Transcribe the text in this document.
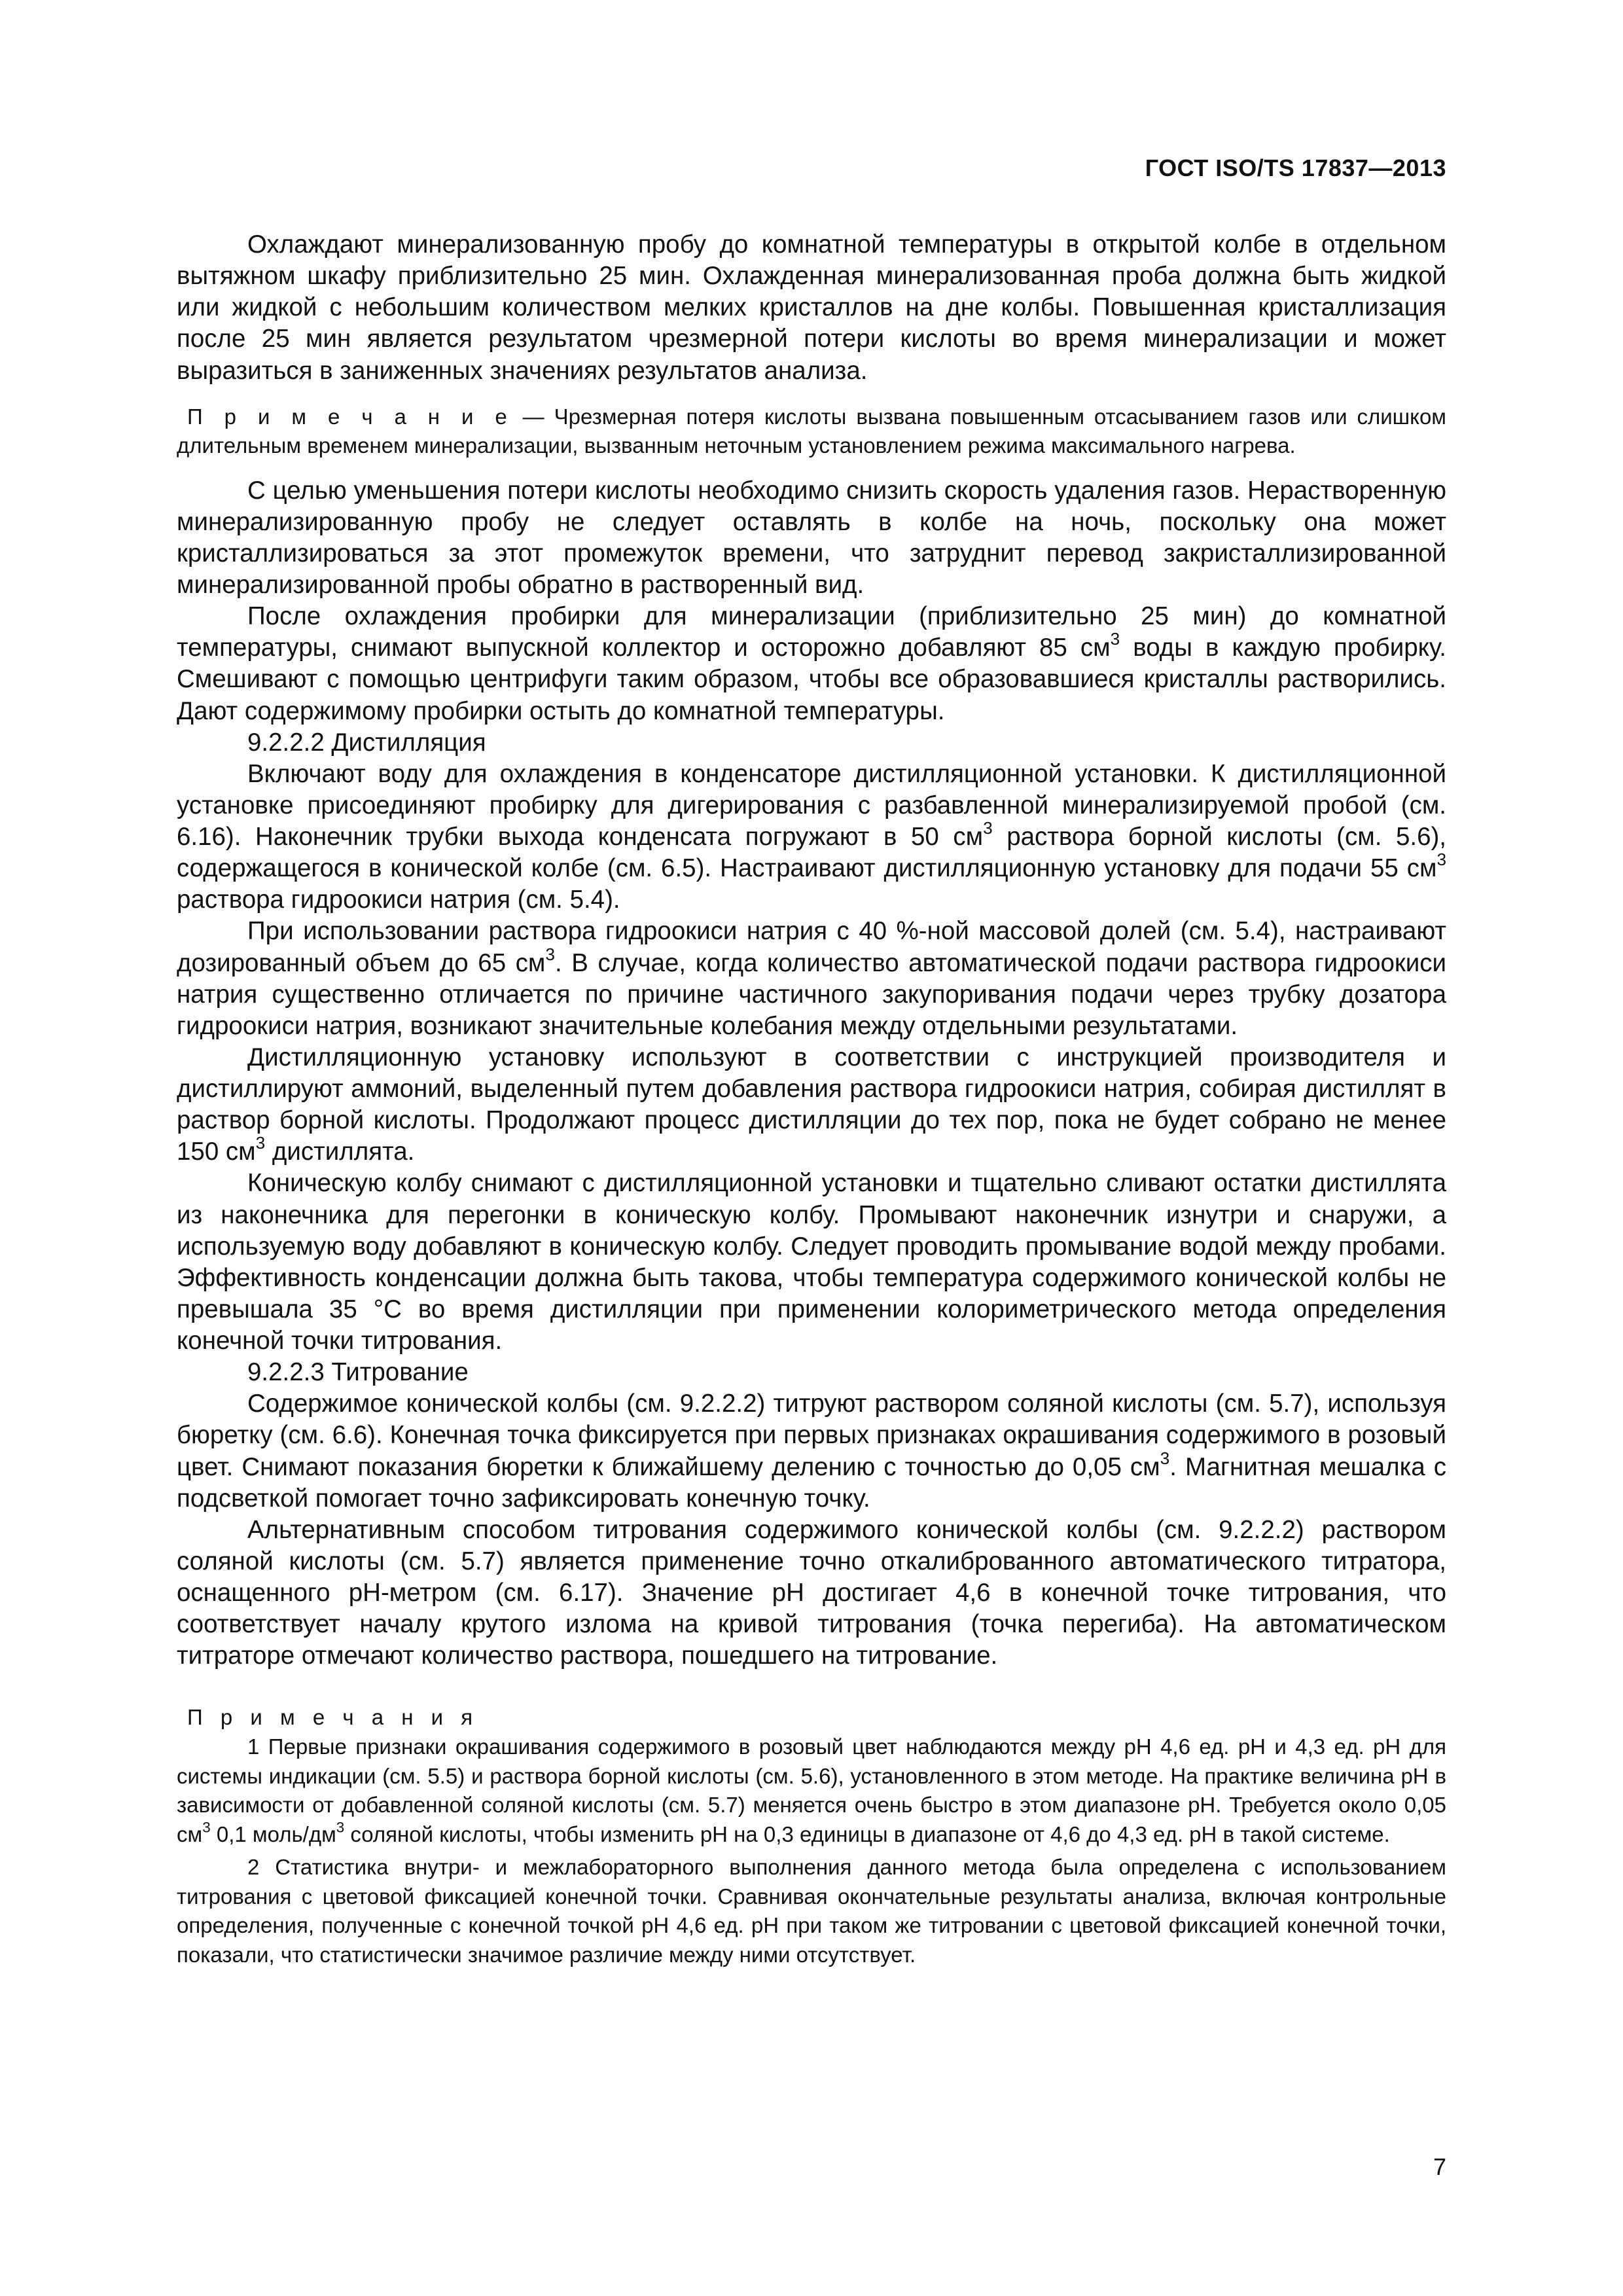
ГОСТ ISO/TS 17837—2013

Охлаждают минерализованную пробу до комнатной температуры в открытой колбе в отдельном вытяжном шкафу приблизительно 25 мин. Охлажденная минерализованная проба должна быть жидкой или жидкой с небольшим количеством мелких кристаллов на дне колбы. Повышенная кристаллизация после 25 мин является результатом чрезмерной потери кислоты во время минерализации и может выразиться в заниженных значениях результатов анализа.

П р и м е ч а н и е — Чрезмерная потеря кислоты вызвана повышенным отсасыванием газов или слишком длительным временем минерализации, вызванным неточным установлением режима максимального нагрева.

С целью уменьшения потери кислоты необходимо снизить скорость удаления газов. Нерастворенную минерализированную пробу не следует оставлять в колбе на ночь, поскольку она может кристаллизироваться за этот промежуток времени, что затруднит перевод закристаллизированной минерализированной пробы обратно в растворенный вид.

После охлаждения пробирки для минерализации (приблизительно 25 мин) до комнатной температуры, снимают выпускной коллектор и осторожно добавляют 85 $см^3$ воды в каждую пробирку. Смешивают с помощью центрифуги таким образом, чтобы все образовавшиеся кристаллы растворились. Дают содержимому пробирки остыть до комнатной температуры.

9.2.2.2 Дистилляция

Включают воду для охлаждения в конденсаторе дистилляционной установки. К дистилляционной установке присоединяют пробирку для дигерирования с разбавленной минерализируемой пробой (см. 6.16). Наконечник трубки выхода конденсата погружают в 50 $см^3$ раствора борной кислоты (см. 5.6), содержащегося в конической колбе (см. 6.5). Настраивают дистилляционную установку для подачи 55 $см^3$ раствора гидроокиси натрия (см. 5.4).

При использовании раствора гидроокиси натрия с 40 %-ной массовой долей (см. 5.4), настраивают дозированный объем до 65 $см^3$. В случае, когда количество автоматической подачи раствора гидроокиси натрия существенно отличается по причине частичного закупоривания подачи через трубку дозатора гидроокиси натрия, возникают значительные колебания между отдельными результатами.

Дистилляционную установку используют в соответствии с инструкцией производителя и дистиллируют аммоний, выделенный путем добавления раствора гидроокиси натрия, собирая дистиллят в раствор борной кислоты. Продолжают процесс дистилляции до тех пор, пока не будет собрано не менее 150 $см^3$ дистиллята.

Коническую колбу снимают с дистилляционной установки и тщательно сливают остатки дистиллята из наконечника для перегонки в коническую колбу. Промывают наконечник изнутри и снаружи, а используемую воду добавляют в коническую колбу. Следует проводить промывание водой между пробами. Эффективность конденсации должна быть такова, чтобы температура содержимого конической колбы не превышала 35 °С во время дистилляции при применении колориметрического метода определения конечной точки титрования.

9.2.2.3 Титрование

Содержимое конической колбы (см. 9.2.2.2) титруют раствором соляной кислоты (см. 5.7), используя бюретку (см. 6.6). Конечная точка фиксируется при первых признаках окрашивания содержимого в розовый цвет. Снимают показания бюретки к ближайшему делению с точностью до 0,05 $см^3$. Магнитная мешалка с подсветкой помогает точно зафиксировать конечную точку.

Альтернативным способом титрования содержимого конической колбы (см. 9.2.2.2) раствором соляной кислоты (см. 5.7) является применение точно откалиброванного автоматического титратора, оснащенного рН-метром (см. 6.17). Значение рН достигает 4,6 в конечной точке титрования, что соответствует началу крутого излома на кривой титрования (точка перегиба). На автоматическом титраторе отмечают количество раствора, пошедшего на титрование.

П р и м е ч а н и я

1 Первые признаки окрашивания содержимого в розовый цвет наблюдаются между рН 4,6 ед. рН и 4,3 ед. рН для системы индикации (см. 5.5) и раствора борной кислоты (см. 5.6), установленного в этом методе. На практике величина рН в зависимости от добавленной соляной кислоты (см. 5.7) меняется очень быстро в этом диапазоне рН. Требуется около 0,05 $см^3$ 0,1 моль/$дм^3$ соляной кислоты, чтобы изменить рН на 0,3 единицы в диапазоне от 4,6 до 4,3 ед. рН в такой системе.

2 Статистика внутри- и межлабораторного выполнения данного метода была определена с использованием титрования с цветовой фиксацией конечной точки. Сравнивая окончательные результаты анализа, включая контрольные определения, полученные с конечной точкой рН 4,6 ед. рН при таком же титровании с цветовой фиксацией конечной точки, показали, что статистически значимое различие между ними отсутствует.

7
